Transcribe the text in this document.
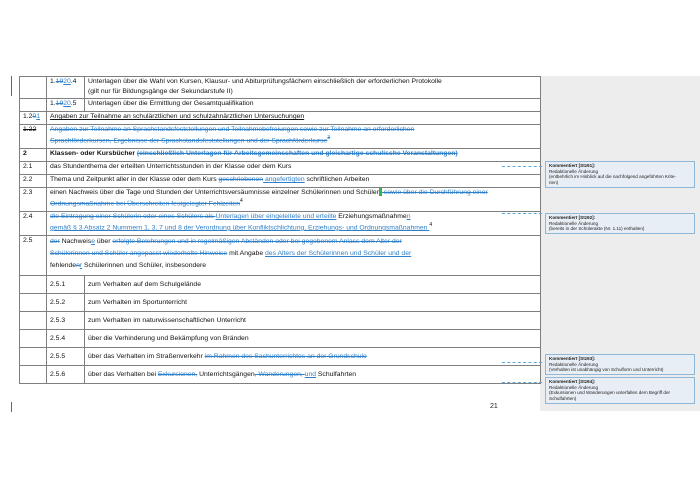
	1.1920.4	Unterlagen über die Wahl von Kursen, Klausur- und Abiturprüfungsfächern einschließlich der erforderlichen Protokolle
(gilt nur für Bildungsgänge der Sekundarstufe II)
	1.1920.5	Unterlagen über die Ermittlung der Gesamtqualifikation
1.201	Angaben zur Teilnahme an schulärztlichen und schulzahnärztlichen Untersuchungen	
1.22	Angaben zur Teilnahme an Sprachstandsfeststellungen und Teilnahmebefreiungen sowie zur Teilnahme an erforderlichen
Sprachförderkursen, Ergebnisse der Sprachstandsfeststellungen und der Sprachförderkurse$^3$
2	Klassen- oder Kursbücher (einschließlich Unterlagen für Arbeitsgemeinschaften und gleichartige schulische Veranstaltungen)	
2.1	das Stundenthema der erteilten Unterrichtsstunden in der Klasse oder dem Kurs	
2.2	Thema und Zeitpunkt aller in der Klasse oder dem Kurs geschriebenen angefertigten schriftlichen Arbeiten	
2.3	einen Nachweis über die Tage und Stunden der Unterrichtsversäumnisse einzelner Schülerinnen und Schüler sowie über die Durchführung einer
Ordnungsmaßnahme bei Überschreiten festgelegter Fehlzeiten$^4$
2.4	die Eintragung einer Schülerin oder eines Schülers als Unterlagen über eingeleitete und erteilte Erziehungsmaßnahmen
gemäß § 3 Absatz 2 Nummern 1, 3, 7 und 8 der Verordnung über Konfliktschlichtung, Erziehungs- und Ordnungsmaßnahmen $^4$
2.5	der Nachweise über erfolgte Belehrungen und in regelmäßigen Abständen oder bei gegebenem Anlass dem Alter der
Schülerinnen und Schüler angepasst wiederholte Hinweise mit Angabe des Alters der Schülerinnen und Schüler und der
fehlendenr Schülerinnen und Schüler, insbesondere	
	2.5.1	zum Verhalten auf dem Schulgelände
	2.5.2	zum Verhalten im Sportunterricht
	2.5.3	zum Verhalten im naturwissenschaftlichen Unterricht
	2.5.4	über die Verhinderung und Bekämpfung von Bränden
	2.5.5	über das Verhalten im Straßenverkehr im Rahmen des Sachunterrichtes an der Grundschule
	2.5.6	über das Verhalten bei Exkursionen, Unterrichtsgängen, Wanderungen, und Schulfahrten
Kommentiert [Stz91]:
Redaktionelle Änderung
(entbehrlich im Hinblick auf die nachfolgend angeführten Krite-
rien)
Kommentiert [Stz92]:
Redaktionelle Änderung
(bereits in der Schülerakte (Nr. 1.11) enthalten)
Kommentiert [Stz93]:
Redaktionelle Änderung
(Verhalten ist unabhängig von Schulform und Unterricht)
Kommentiert [Stz94]:
Redaktionelle Änderung
(Exkursionen und Wanderungen unterfallen dem Begriff der
Schulfahrten)
21
